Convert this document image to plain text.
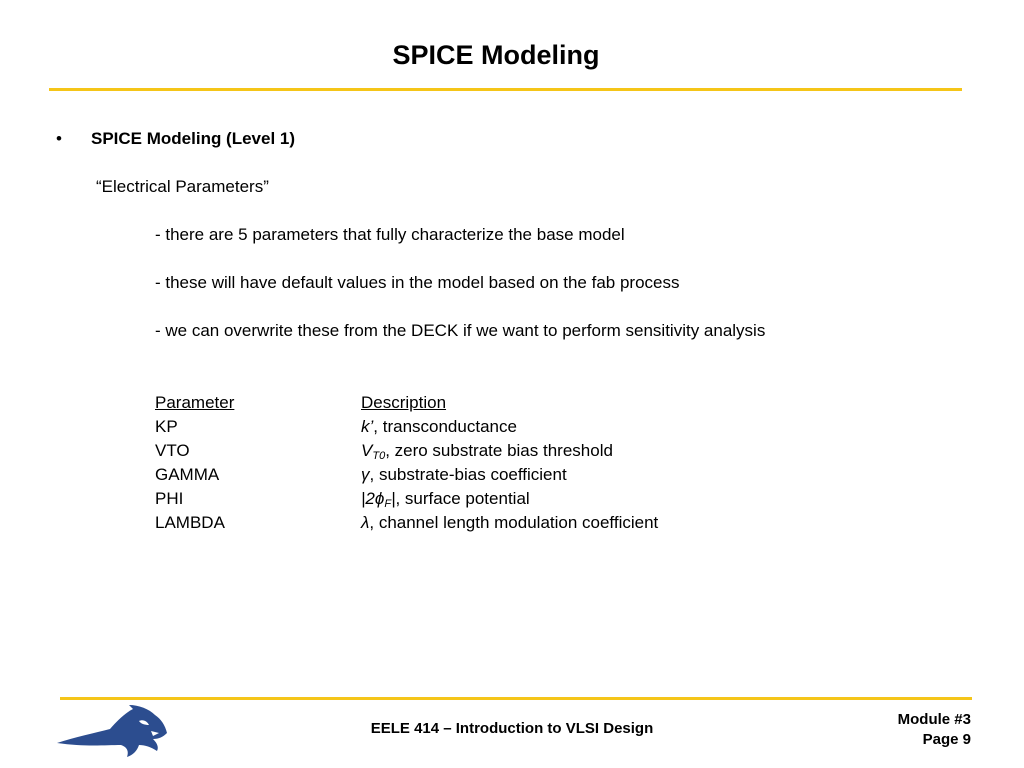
SPICE Modeling
• SPICE Modeling (Level 1)
“Electrical Parameters”
- there are 5 parameters that fully characterize the base model
- these will have default values in the model based on the fab process
- we can overwrite these from the DECK if we want to perform sensitivity analysis
Parameter	Description
KP	k’, transconductance
VTO	$V_{T0}$, zero substrate bias threshold
GAMMA	γ, substrate-bias coefficient
PHI	$|2\phi_F|$, surface potential
LAMBDA	λ, channel length modulation coefficient
EELE 414 – Introduction to VLSI Design
Module #3
Page 9
